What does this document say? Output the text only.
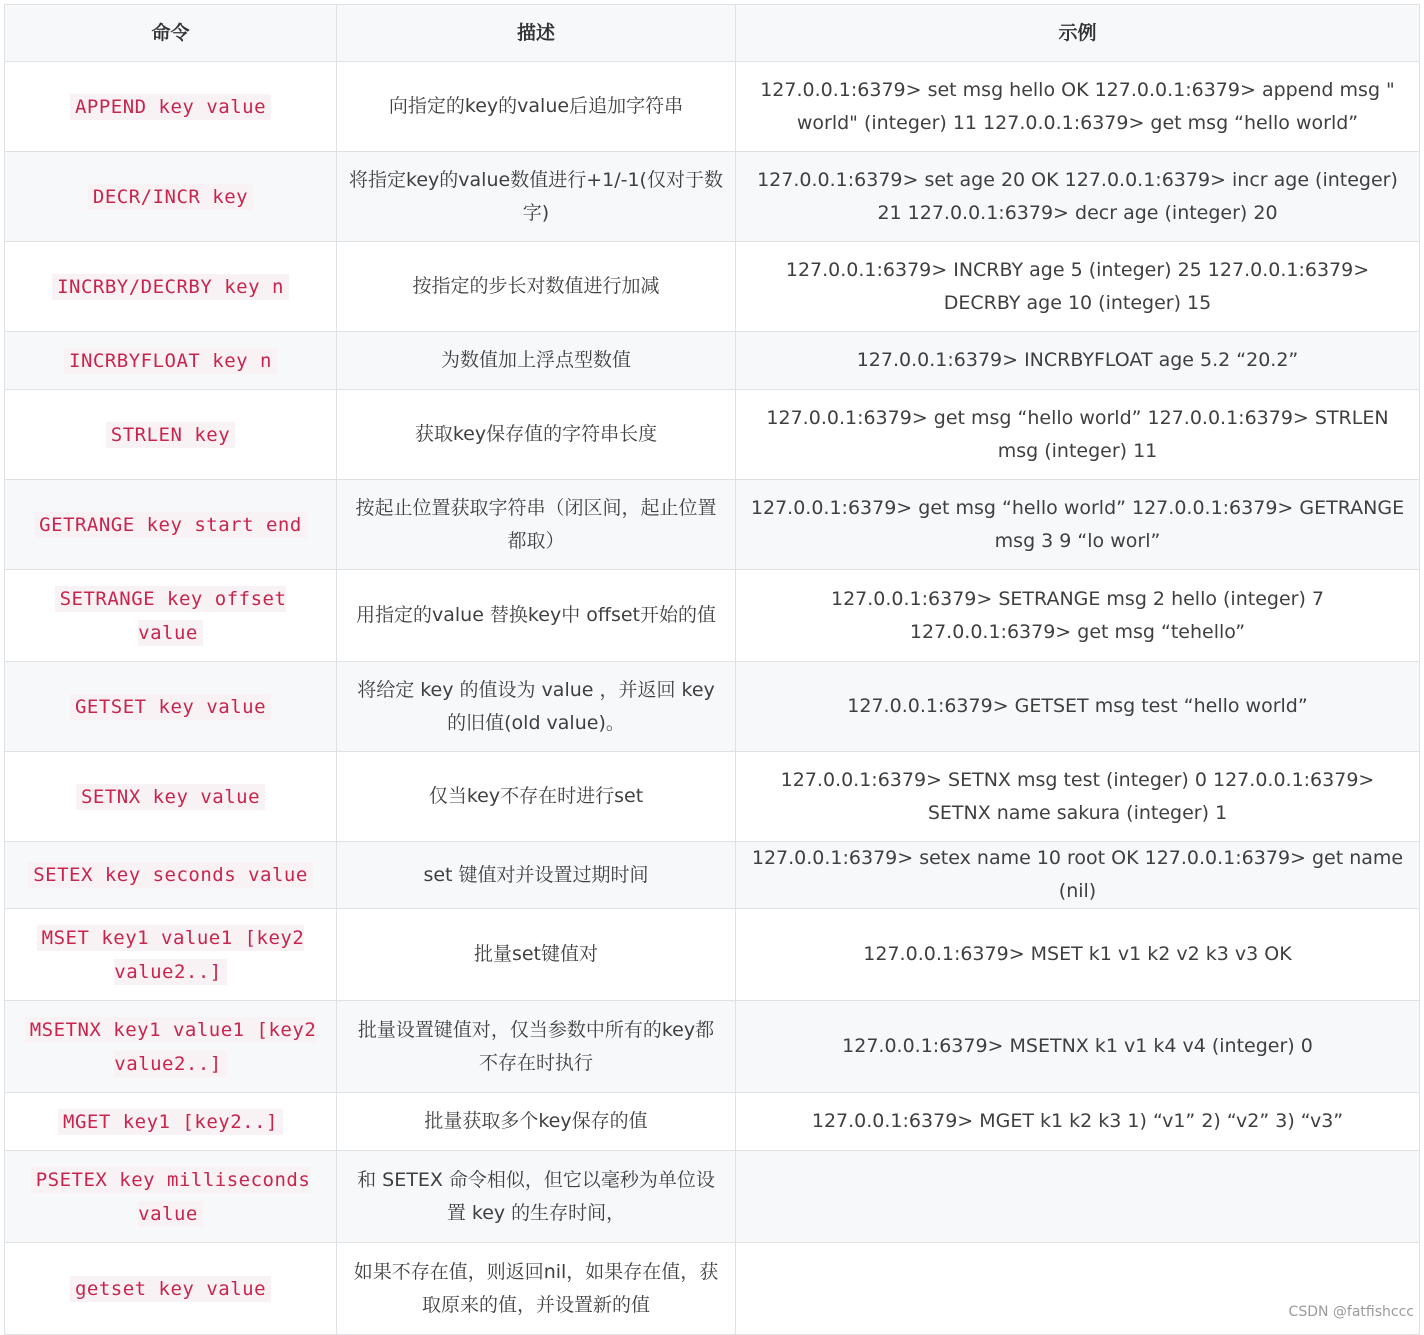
命令	描述	示例
APPEND key value	向指定的key的value后追加字符串	127.0.0.1:6379> set msg hello OK 127.0.0.1:6379> append msg " world" (integer) 11 127.0.0.1:6379> get msg “hello world”
DECR/INCR key	将指定key的value数值进行+1/-1(仅对于数字)	127.0.0.1:6379> set age 20 OK 127.0.0.1:6379> incr age (integer) 21 127.0.0.1:6379> decr age (integer) 20
INCRBY/DECRBY key n	按指定的步长对数值进行加减	127.0.0.1:6379> INCRBY age 5 (integer) 25 127.0.0.1:6379> DECRBY age 10 (integer) 15
INCRBYFLOAT key n	为数值加上浮点型数值	127.0.0.1:6379> INCRBYFLOAT age 5.2 “20.2”
STRLEN key	获取key保存值的字符串长度	127.0.0.1:6379> get msg “hello world” 127.0.0.1:6379> STRLEN msg (integer) 11
GETRANGE key start end	按起止位置获取字符串（闭区间，起止位置都取）	127.0.0.1:6379> get msg “hello world” 127.0.0.1:6379> GETRANGE msg 3 9 “lo worl”
SETRANGE key offset value	用指定的value 替换key中 offset开始的值	127.0.0.1:6379> SETRANGE msg 2 hello (integer) 7 127.0.0.1:6379> get msg “tehello”
GETSET key value	将给定 key 的值设为 value ，并返回 key 的旧值(old value)。	127.0.0.1:6379> GETSET msg test “hello world”
SETNX key value	仅当key不存在时进行set	127.0.0.1:6379> SETNX msg test (integer) 0 127.0.0.1:6379> SETNX name sakura (integer) 1
SETEX key seconds value	set 键值对并设置过期时间	127.0.0.1:6379> setex name 10 root OK 127.0.0.1:6379> get name (nil)
MSET key1 value1 [key2 value2..]	批量set键值对	127.0.0.1:6379> MSET k1 v1 k2 v2 k3 v3 OK
MSETNX key1 value1 [key2 value2..]	批量设置键值对，仅当参数中所有的key都不存在时执行	127.0.0.1:6379> MSETNX k1 v1 k4 v4 (integer) 0
MGET key1 [key2..]	批量获取多个key保存的值	127.0.0.1:6379> MGET k1 k2 k3 1) “v1” 2) “v2” 3) “v3”
PSETEX key milliseconds value	和 SETEX 命令相似，但它以毫秒为单位设置 key 的生存时间，	
getset key value	如果不存在值，则返回nil，如果存在值，获取原来的值，并设置新的值		CSDN @fatfishccc
